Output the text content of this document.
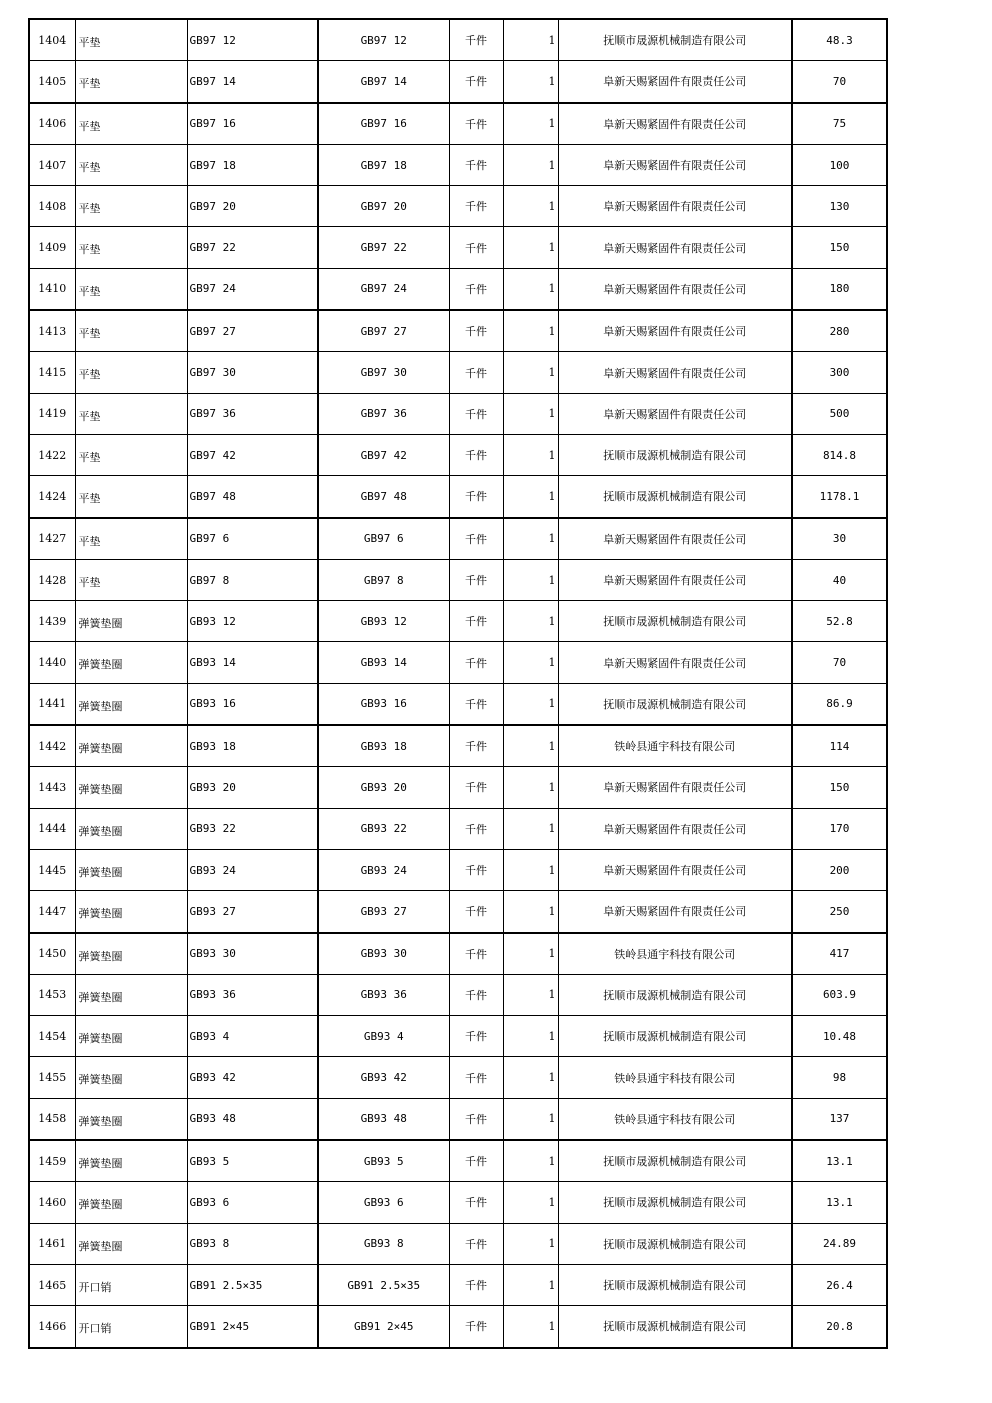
1404	平垫	GB97 12	GB97 12	千件	1	抚顺市晟源机械制造有限公司	48.3
1405	平垫	GB97 14	GB97 14	千件	1	阜新天赐紧固件有限责任公司	70
1406	平垫	GB97 16	GB97 16	千件	1	阜新天赐紧固件有限责任公司	75
1407	平垫	GB97 18	GB97 18	千件	1	阜新天赐紧固件有限责任公司	100
1408	平垫	GB97 20	GB97 20	千件	1	阜新天赐紧固件有限责任公司	130
1409	平垫	GB97 22	GB97 22	千件	1	阜新天赐紧固件有限责任公司	150
1410	平垫	GB97 24	GB97 24	千件	1	阜新天赐紧固件有限责任公司	180
1413	平垫	GB97 27	GB97 27	千件	1	阜新天赐紧固件有限责任公司	280
1415	平垫	GB97 30	GB97 30	千件	1	阜新天赐紧固件有限责任公司	300
1419	平垫	GB97 36	GB97 36	千件	1	阜新天赐紧固件有限责任公司	500
1422	平垫	GB97 42	GB97 42	千件	1	抚顺市晟源机械制造有限公司	814.8
1424	平垫	GB97 48	GB97 48	千件	1	抚顺市晟源机械制造有限公司	1178.1
1427	平垫	GB97 6	GB97 6	千件	1	阜新天赐紧固件有限责任公司	30
1428	平垫	GB97 8	GB97 8	千件	1	阜新天赐紧固件有限责任公司	40
1439	弹簧垫圈	GB93 12	GB93 12	千件	1	抚顺市晟源机械制造有限公司	52.8
1440	弹簧垫圈	GB93 14	GB93 14	千件	1	阜新天赐紧固件有限责任公司	70
1441	弹簧垫圈	GB93 16	GB93 16	千件	1	抚顺市晟源机械制造有限公司	86.9
1442	弹簧垫圈	GB93 18	GB93 18	千件	1	铁岭县通宇科技有限公司	114
1443	弹簧垫圈	GB93 20	GB93 20	千件	1	阜新天赐紧固件有限责任公司	150
1444	弹簧垫圈	GB93 22	GB93 22	千件	1	阜新天赐紧固件有限责任公司	170
1445	弹簧垫圈	GB93 24	GB93 24	千件	1	阜新天赐紧固件有限责任公司	200
1447	弹簧垫圈	GB93 27	GB93 27	千件	1	阜新天赐紧固件有限责任公司	250
1450	弹簧垫圈	GB93 30	GB93 30	千件	1	铁岭县通宇科技有限公司	417
1453	弹簧垫圈	GB93 36	GB93 36	千件	1	抚顺市晟源机械制造有限公司	603.9
1454	弹簧垫圈	GB93 4	GB93 4	千件	1	抚顺市晟源机械制造有限公司	10.48
1455	弹簧垫圈	GB93 42	GB93 42	千件	1	铁岭县通宇科技有限公司	98
1458	弹簧垫圈	GB93 48	GB93 48	千件	1	铁岭县通宇科技有限公司	137
1459	弹簧垫圈	GB93 5	GB93 5	千件	1	抚顺市晟源机械制造有限公司	13.1
1460	弹簧垫圈	GB93 6	GB93 6	千件	1	抚顺市晟源机械制造有限公司	13.1
1461	弹簧垫圈	GB93 8	GB93 8	千件	1	抚顺市晟源机械制造有限公司	24.89
1465	开口销	GB91 2.5×35	GB91 2.5×35	千件	1	抚顺市晟源机械制造有限公司	26.4
1466	开口销	GB91 2×45	GB91 2×45	千件	1	抚顺市晟源机械制造有限公司	20.8
